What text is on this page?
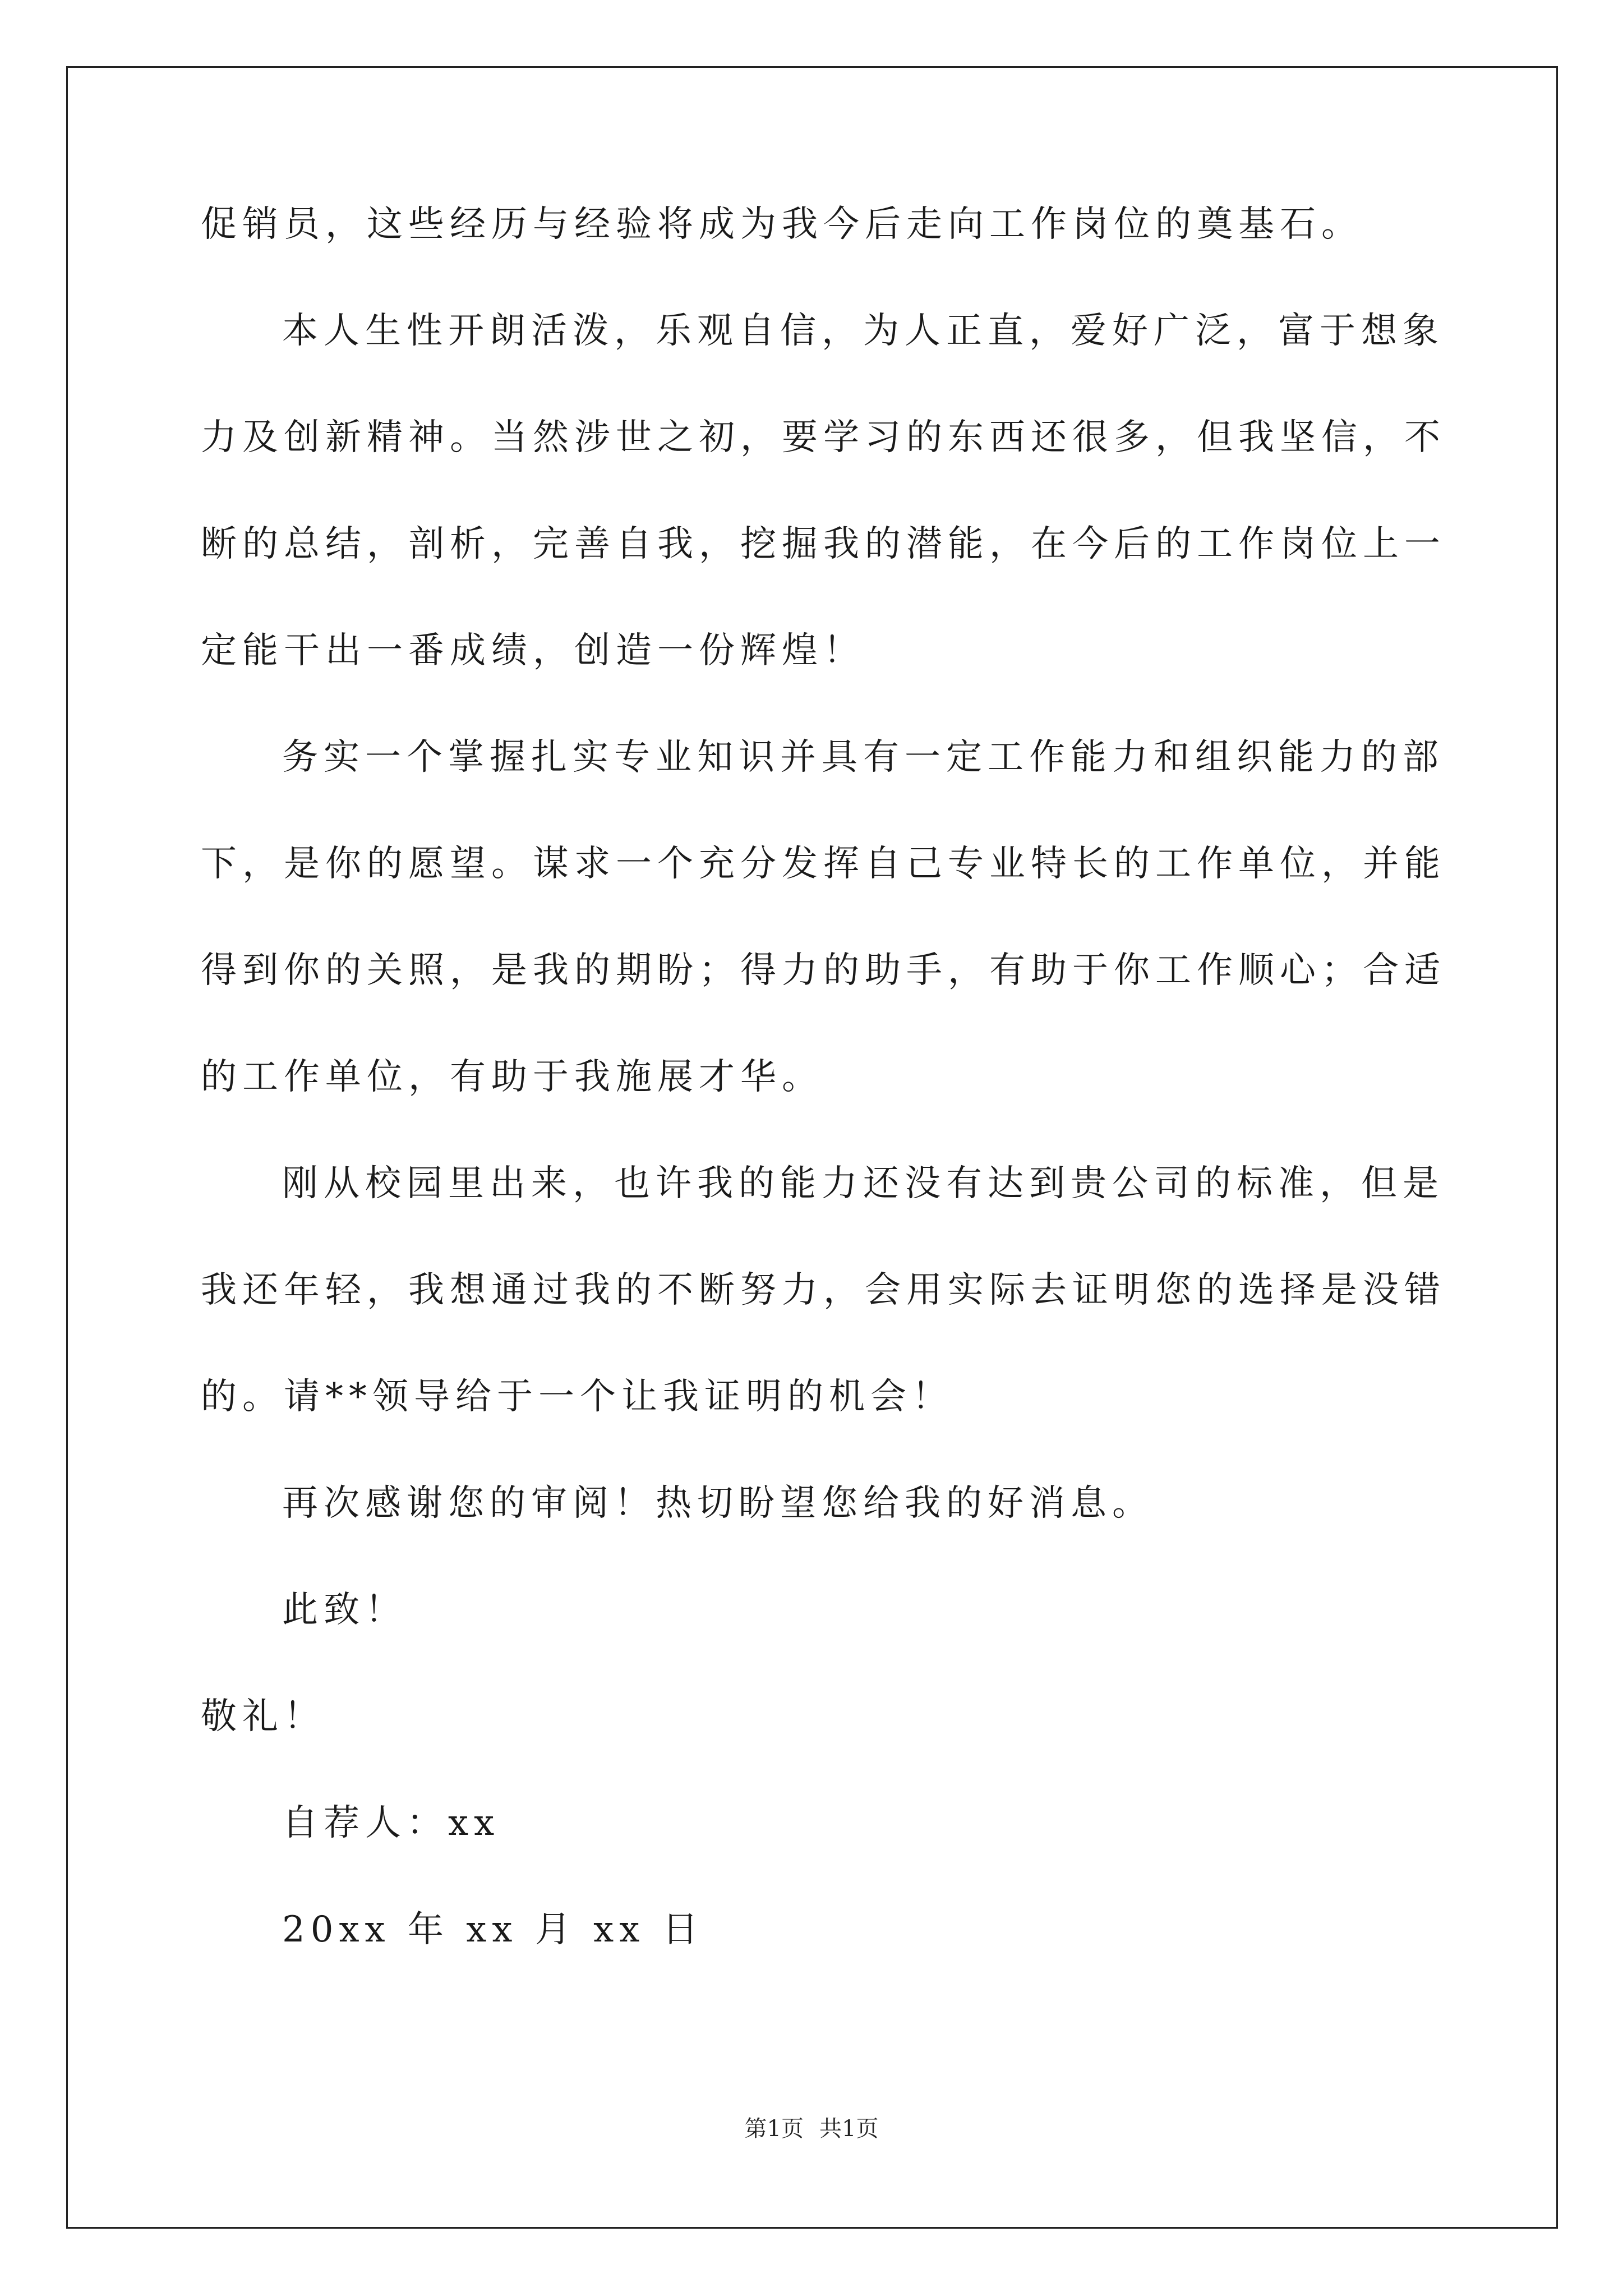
促销员，这些经历与经验将成为我今后走向工作岗位的奠基石。
本人生性开朗活泼，乐观自信，为人正直，爱好广泛，富于想象
力及创新精神。当然涉世之初，要学习的东西还很多，但我坚信，不
断的总结，剖析，完善自我，挖掘我的潜能，在今后的工作岗位上一
定能干出一番成绩，创造一份辉煌！
务实一个掌握扎实专业知识并具有一定工作能力和组织能力的部
下，是你的愿望。谋求一个充分发挥自己专业特长的工作单位，并能
得到你的关照，是我的期盼；得力的助手，有助于你工作顺心；合适
的工作单位，有助于我施展才华。
刚从校园里出来，也许我的能力还没有达到贵公司的标准，但是
我还年轻，我想通过我的不断努力，会用实际去证明您的选择是没错
的。请**领导给于一个让我证明的机会！
再次感谢您的审阅！热切盼望您给我的好消息。
此致！
敬礼！
自荐人：xx
20xx 年 xx 月 xx 日
第1页 共1页
